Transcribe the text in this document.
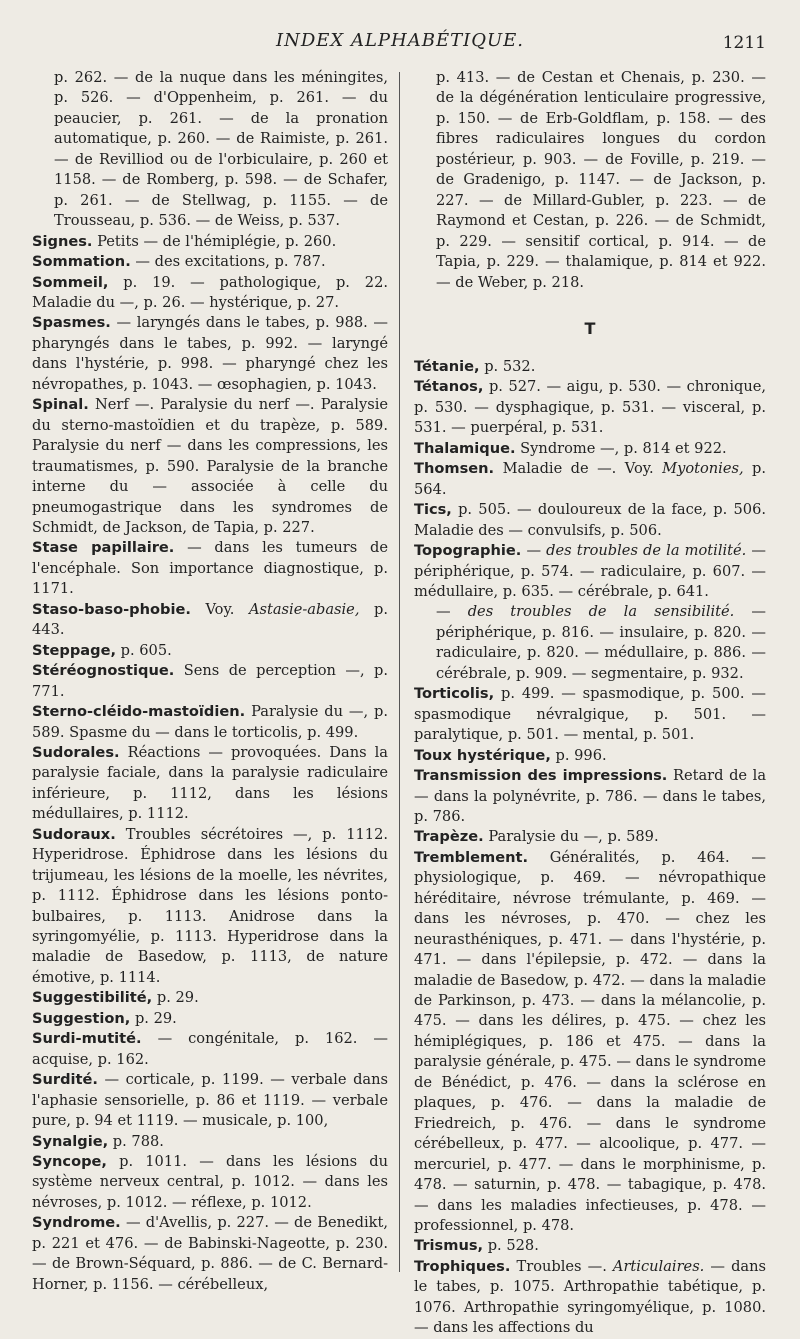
INDEX ALPHABÉTIQUE.	1211

p. 262. — de la nuque dans les méningites, p. 526. — d'Oppenheim, p. 261. — du peaucier, p. 261. — de la pronation automatique, p. 260. — de Raimiste, p. 261. — de Revilliod ou de l'orbiculaire, p. 260 et 1158. — de Romberg, p. 598. — de Schafer, p. 261. — de Stellwag, p. 1155. — de Trousseau, p. 536. — de Weiss, p. 537.

Signes. Petits — de l'hémiplégie, p. 260.

Sommation. — des excitations, p. 787.

Sommeil, p. 19. — pathologique, p. 22. Maladie du —, p. 26. — hystérique, p. 27.

Spasmes. — laryngés dans le tabes, p. 988. — pharyngés dans le tabes, p. 992. — laryngé dans l'hystérie, p. 998. — pharyngé chez les névropathes, p. 1043. — œsophagien, p. 1043.

Spinal. Nerf —. Paralysie du nerf —. Paralysie du sterno-mastoïdien et du trapèze, p. 589. Paralysie du nerf — dans les compressions, les traumatismes, p. 590. Paralysie de la branche interne du — associée à celle du pneumogastrique dans les syndromes de Schmidt, de Jackson, de Tapia, p. 227.

Stase papillaire. — dans les tumeurs de l'encéphale. Son importance diagnostique, p. 1171.

Staso-baso-phobie. Voy. Astasie-abasie, p. 443.

Steppage, p. 605.

Stéréognostique. Sens de perception —, p. 771.

Sterno-cléido-mastoïdien. Paralysie du —, p. 589. Spasme du — dans le torticolis, p. 499.

Sudorales. Réactions — provoquées. Dans la paralysie faciale, dans la paralysie radiculaire inférieure, p. 1112, dans les lésions médullaires, p. 1112.

Sudoraux. Troubles sécrétoires —, p. 1112. Hyperidrose. Éphidrose dans les lésions du trijumeau, les lésions de la moelle, les névrites, p. 1112. Éphidrose dans les lésions ponto-bulbaires, p. 1113. Anidrose dans la syringomyélie, p. 1113. Hyperidrose dans la maladie de Basedow, p. 1113, de nature émotive, p. 1114.

Suggestibilité, p. 29.

Suggestion, p. 29.

Surdi-mutité. — congénitale, p. 162. — acquise, p. 162.

Surdité. — corticale, p. 1199. — verbale dans l'aphasie sensorielle, p. 86 et 1119. — verbale pure, p. 94 et 1119. — musicale, p. 100,

Synalgie, p. 788.

Syncope, p. 1011. — dans les lésions du système nerveux central, p. 1012. — dans les névroses, p. 1012. — réflexe, p. 1012.

Syndrome. — d'Avellis, p. 227. — de Benedikt, p. 221 et 476. — de Babinski-Nageotte, p. 230. — de Brown-Séquard, p. 886. — de C. Bernard-Horner, p. 1156. — cérébelleux,

p. 413. — de Cestan et Chenais, p. 230. — de la dégénération lenticulaire progressive, p. 150. — de Erb-Goldflam, p. 158. — des fibres radiculaires longues du cordon postérieur, p. 903. — de Foville, p. 219. — de Gradenigo, p. 1147. — de Jackson, p. 227. — de Millard-Gubler, p. 223. — de Raymond et Cestan, p. 226. — de Schmidt, p. 229. — sensitif cortical, p. 914. — de Tapia, p. 229. — thalamique, p. 814 et 922. — de Weber, p. 218.

T

Tétanie, p. 532.

Tétanos, p. 527. — aigu, p. 530. — chronique, p. 530. — dysphagique, p. 531. — visceral, p. 531. — puerpéral, p. 531.

Thalamique. Syndrome —, p. 814 et 922.

Thomsen. Maladie de —. Voy. Myotonies, p. 564.

Tics, p. 505. — douloureux de la face, p. 506. Maladie des — convulsifs, p. 506.

Topographie. — des troubles de la motilité. — périphérique, p. 574. — radiculaire, p. 607. — médullaire, p. 635. — cérébrale, p. 641.

— des troubles de la sensibilité. — périphérique, p. 816. — insulaire, p. 820. — radiculaire, p. 820. — médullaire, p. 886. — cérébrale, p. 909. — segmentaire, p. 932.

Torticolis, p. 499. — spasmodique, p. 500. — spasmodique névralgique, p. 501. — paralytique, p. 501. — mental, p. 501.

Toux hystérique, p. 996.

Transmission des impressions. Retard de la — dans la polynévrite, p. 786. — dans le tabes, p. 786.

Trapèze. Paralysie du —, p. 589.

Tremblement. Généralités, p. 464. — physiologique, p. 469. — névropathique héréditaire, névrose trémulante, p. 469. — dans les névroses, p. 470. — chez les neurasthéniques, p. 471. — dans l'hystérie, p. 471. — dans l'épilepsie, p. 472. — dans la maladie de Basedow, p. 472. — dans la maladie de Parkinson, p. 473. — dans la mélancolie, p. 475. — dans les délires, p. 475. — chez les hémiplégiques, p. 186 et 475. — dans la paralysie générale, p. 475. — dans le syndrome de Bénédict, p. 476. — dans la sclérose en plaques, p. 476. — dans la maladie de Friedreich, p. 476. — dans le syndrome cérébelleux, p. 477. — alcoolique, p. 477. — mercuriel, p. 477. — dans le morphinisme, p. 478. — saturnin, p. 478. — tabagique, p. 478. — dans les maladies infectieuses, p. 478. — professionnel, p. 478.

Trismus, p. 528.

Trophiques. Troubles —. Articulaires. — dans le tabes, p. 1075. Arthropathie tabétique, p. 1076. Arthropathie syringomyélique, p. 1080. — dans les affections du
